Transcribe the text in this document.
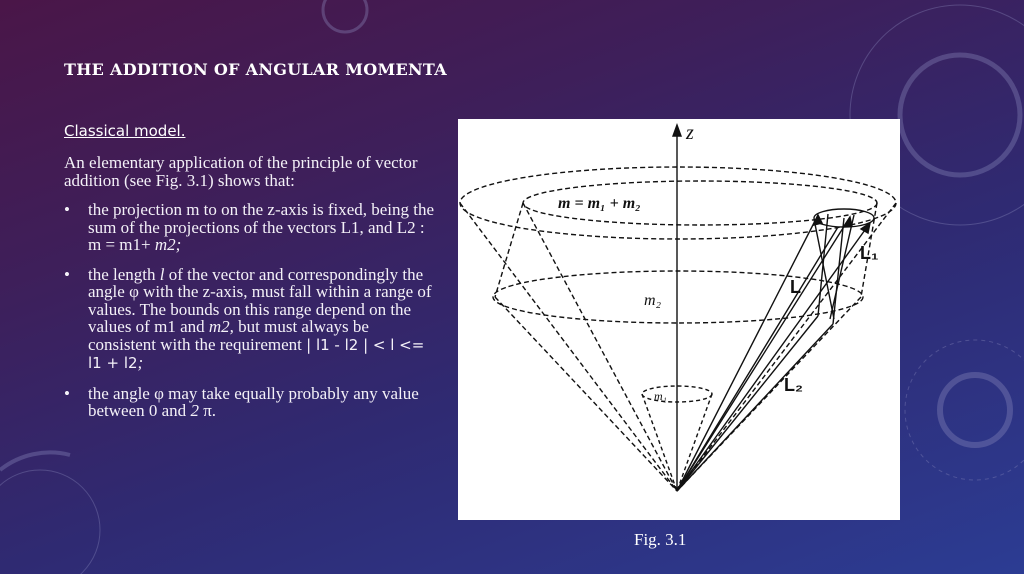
THE ADDITION OF ANGULAR MOMENTA
Classical model.

An elementary application of the principle of vector addition (see Fig. 3.1) shows that:

• the projection m to on the z-axis is fixed, being the sum of the projections of the vectors L1, and L2 : m = m1+ m2;
• the length l of the vector and correspondingly the angle φ with the z-axis, must fall within a range of values. The bounds on this range depend on the values of m1 and m2, but must always be consistent with the requirement | l1 - l2 | < l <= l1 + l2;
• the angle φ may take equally probably any value between 0 and 2 π.
z
m = m₁ + m₂
m₂
m₁
L
L₁
L₂
Fig. 3.1
